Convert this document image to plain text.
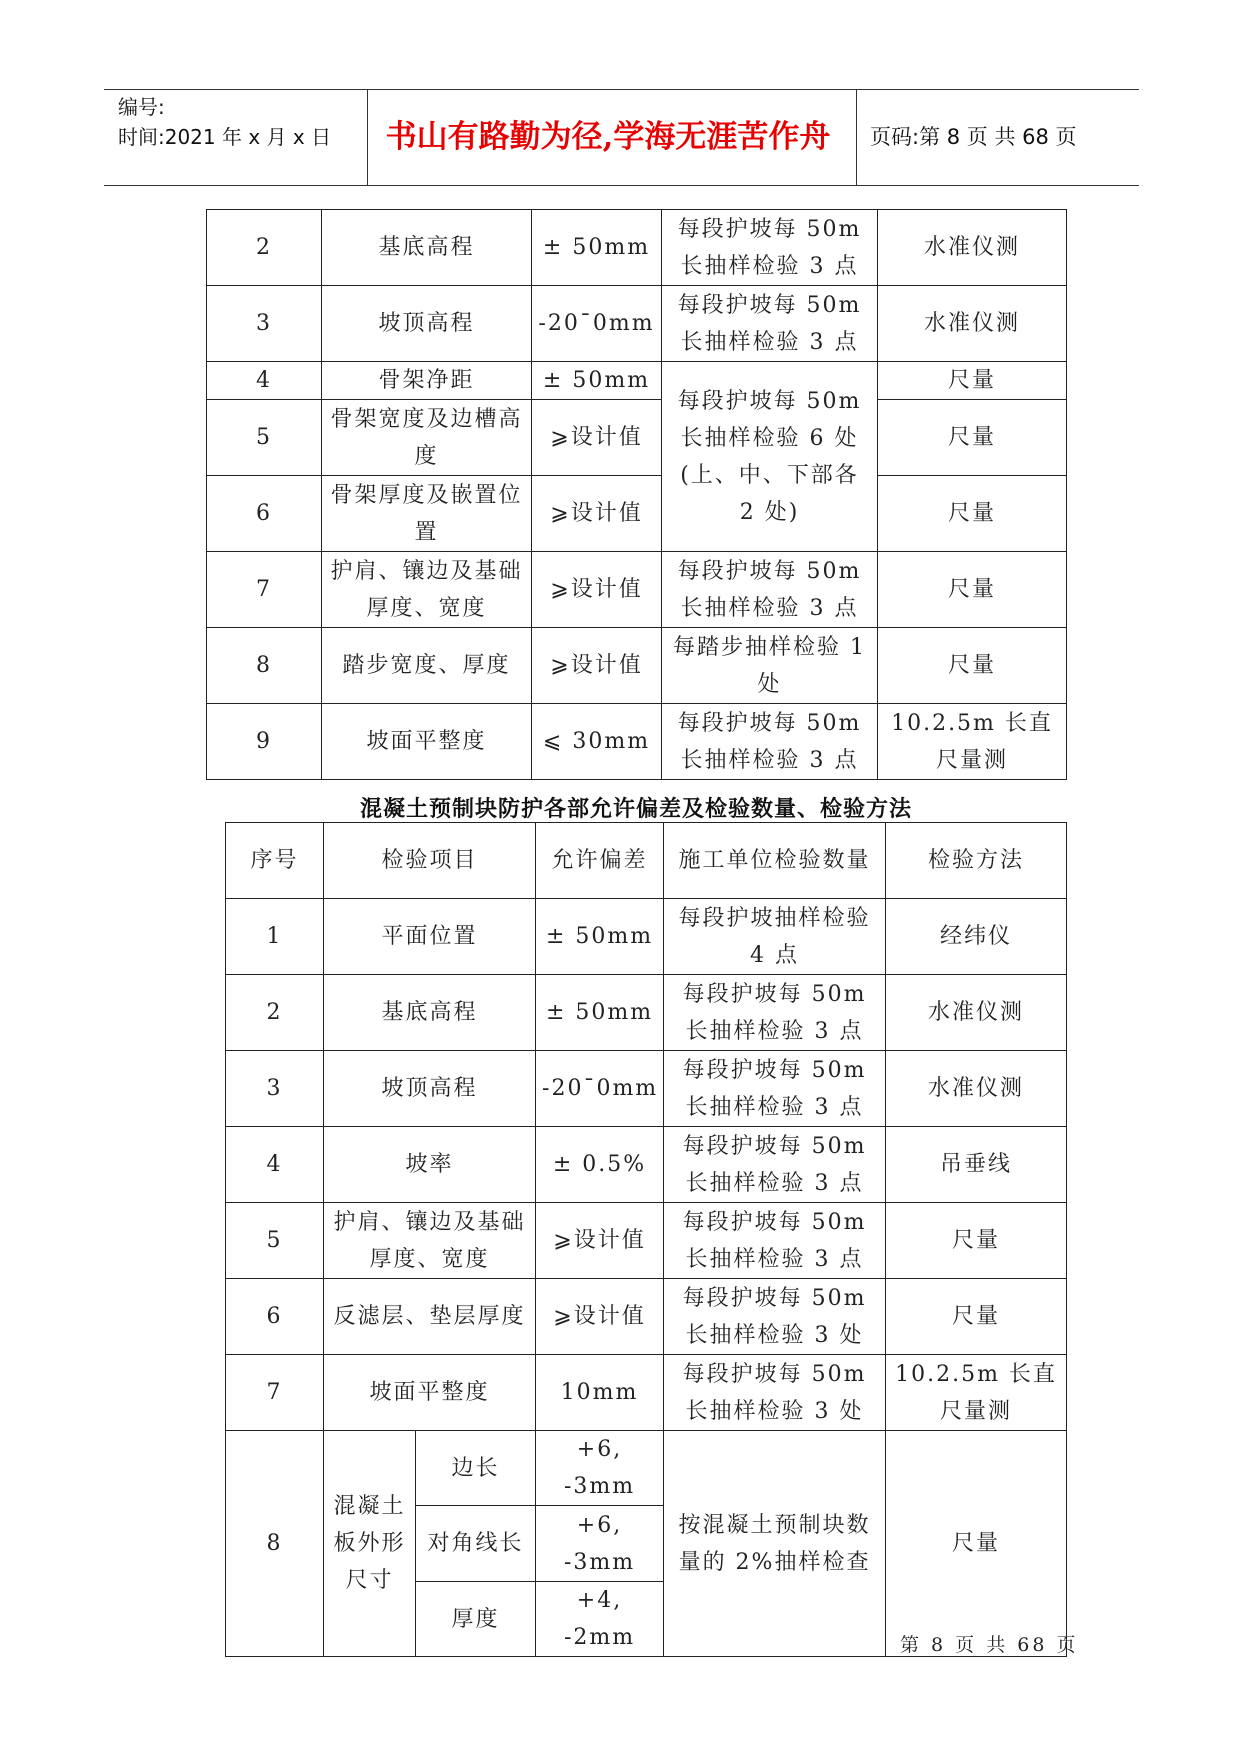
编号:
时间:2021 年 x 月 x 日	书山有路勤为径,学海无涯苦作舟	页码:第 8 页 共 68 页
2	基底高程	± 50mm	每段护坡每 50m 长抽样检验 3 点	水准仪测
3	坡顶高程	-20¯0mm	每段护坡每 50m 长抽样检验 3 点	水准仪测
4	骨架净距	± 50mm	每段护坡每 50m 长抽样检验 6 处(上、中、下部各 2 处)	尺量
5	骨架宽度及边槽高度	⩾设计值		尺量
6	骨架厚度及嵌置位置	⩾设计值		尺量
7	护肩、镶边及基础厚度、宽度	⩾设计值	每段护坡每 50m 长抽样检验 3 点	尺量
8	踏步宽度、厚度	⩾设计值	每踏步抽样检验 1 处	尺量
9	坡面平整度	⩽ 30mm	每段护坡每 50m 长抽样检验 3 点	10.2.5m 长直尺量测
混凝土预制块防护各部允许偏差及检验数量、检验方法
序号	检验项目		允许偏差	施工单位检验数量	检验方法
1	平面位置		± 50mm	每段护坡抽样检验 4 点	经纬仪
2	基底高程		± 50mm	每段护坡每 50m 长抽样检验 3 点	水准仪测
3	坡顶高程		-20¯0mm	每段护坡每 50m 长抽样检验 3 点	水准仪测
4	坡率		± 0.5%	每段护坡每 50m 长抽样检验 3 点	吊垂线
5	护肩、镶边及基础厚度、宽度		⩾设计值	每段护坡每 50m 长抽样检验 3 点	尺量
6	反滤层、垫层厚度		⩾设计值	每段护坡每 50m 长抽样检验 3 处	尺量
7	坡面平整度		10mm	每段护坡每 50m 长抽样检验 3 处	10.2.5m 长直尺量测
8	混凝土板外形尺寸	边长	+6, -3mm	按混凝土预制块数量的 2%抽样检查	尺量
		对角线长	+6, -3mm		
		厚度	+4, -2mm			第 8 页 共 68 页
